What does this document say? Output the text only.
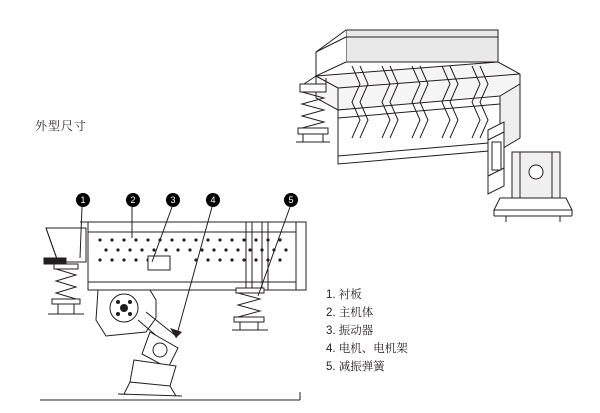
外型尺寸
1	2	3	4	5
1. 衬板
2. 主机体
3. 振动器
4. 电机、电机架
5. 减振弹簧
